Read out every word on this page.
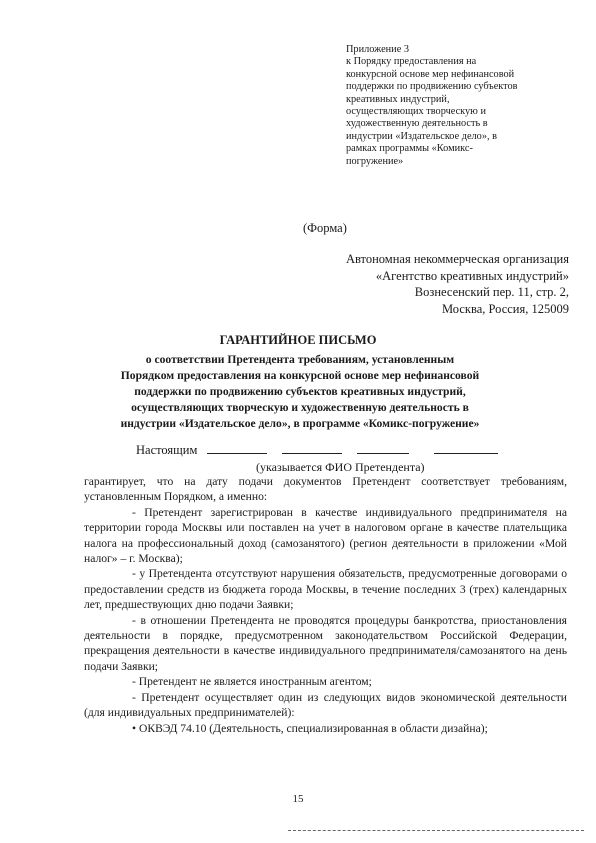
Приложение 3
к Порядку предоставления на
конкурсной основе мер нефинансовой
поддержки по продвижению субъектов
креативных индустрий,
осуществляющих творческую и
художественную деятельность в
индустрии «Издательское дело», в
рамках программы «Комикс-
погружение»
(Форма)
Автономная некоммерческая организация
«Агентство креативных индустрий»
Вознесенский пер. 11, стр. 2,
Москва, Россия, 125009
ГАРАНТИЙНОЕ ПИСЬМО
о соответствии Претендента требованиям, установленным
Порядком предоставления на конкурсной основе мер нефинансовой
поддержки по продвижению субъектов креативных индустрий,
осуществляющих творческую и художественную деятельность в
индустрии «Издательское дело», в программе «Комикс-погружение»
Настоящим
(указывается ФИО Претендента)

гарантирует, что на дату подачи документов Претендент соответствует требованиям, установленным Порядком, а именно:

- Претендент зарегистрирован в качестве индивидуального предпринимателя на территории города Москвы или поставлен на учет в налоговом органе в качестве плательщика налога на профессиональный доход (самозанятого) (регион деятельности в приложении «Мой налог» – г. Москва);

- у Претендента отсутствуют нарушения обязательств, предусмотренные договорами о предоставлении средств из бюджета города Москвы, в течение последних 3 (трех) календарных лет, предшествующих дню подачи Заявки;

- в отношении Претендента не проводятся процедуры банкротства, приостановления деятельности в порядке, предусмотренном законодательством Российской Федерации, прекращения деятельности в качестве индивидуального предпринимателя/самозанятого на день подачи Заявки;

- Претендент не является иностранным агентом;

- Претендент осуществляет один из следующих видов экономической деятельности (для индивидуальных предпринимателей):

• ОКВЭД 74.10 (Деятельность, специализированная в области дизайна);

15
